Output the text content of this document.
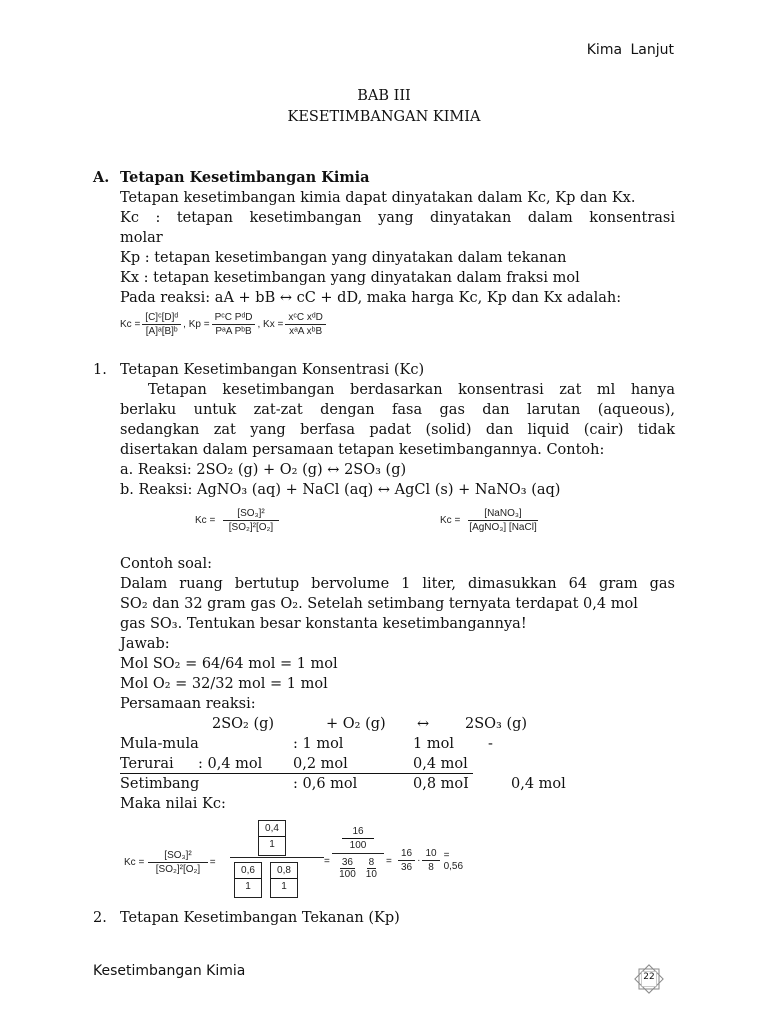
Kima Lanjut
BAB III
KESETIMBANGAN KIMIA
A. Tetapan Kesetimbangan Kimia
Tetapan kesetimbangan kimia dapat dinyatakan dalam Kc, Kp dan Kx.
Kc : tetapan kesetimbangan yang dinyatakan dalam konsentrasi
molar
Kp : tetapan kesetimbangan yang dinyatakan dalam tekanan
Kx : tetapan kesetimbangan yang dinyatakan dalam fraksi mol
Pada reaksi: aA + bB ↔ cC + dD, maka harga Kc, Kp dan Kx adalah:
$Kc = \frac{\text{[C]ᶜ[D]ᵈ}}{\text{[A]ᵃ[B]ᵇ}}$ , $Kp = \frac{\text{PᶜC PᵈD}}{\text{PᵃA PᵇB}}$ , $Kx = \frac{\text{xᶜC xᵈD}}{\text{xᵃA xᵇB}}$
1. Tetapan Kesetimbangan Konsentrasi (Kc)
Tetapan kesetimbangan berdasarkan konsentrasi zat ml hanya
berlaku untuk zat-zat dengan fasa gas dan larutan (aqueous),
sedangkan zat yang berfasa padat (solid) dan liquid (cair) tidak
disertakan dalam persamaan tetapan kesetimbangannya. Contoh:
a. Reaksi: 2SO₂ (g) + O₂ (g) ↔ 2SO₃ (g)
b. Reaksi: AgNO₃ (aq) + NaCl (aq) ↔ AgCl (s) + NaNO₃ (aq)
$Kc = \frac{\text{[SO₃]²}}{\text{[SO₂]²[O₂]}}$	$Kc = \frac{\text{[NaNO₃]}}{\text{[AgNO₃] [NaCl]}}$
Contoh soal:
Dalam ruang bertutup bervolume 1 liter, dimasukkan 64 gram gas
SO₂ dan 32 gram gas O₂. Setelah setimbang ternyata terdapat 0,4 mol
gas SO₃. Tentukan besar konstanta kesetimbangannya!
Jawab:
Mol SO₂ = 64/64 mol = 1 mol
Mol O₂ = 32/32 mol = 1 mol
Persamaan reaksi:
2SO₂ (g)	+ O₂ (g) ↔ 2SO₃ (g)
Mula-mula	: 1 mol	1 mol -
Terurai : 0,4 mol 0,2 mol	0,4 mol
Setimbang	: 0,6 mol	0,8 moI	0,4 mol
Maka nilai Kc:
$Kc = \frac{\text{[SO₃]²}}{\text{[SO₂]²[O₂]}}$ =
0,4
1
0,6
1
0,8
1
=
16
100
$\frac{36}{100} \frac{8}{10} = \frac{16}{36} \cdot \frac{10}{8} = 0,56$
2. Tetapan Kesetimbangan Tekanan (Kp)
Kesetimbangan Kimia	22
